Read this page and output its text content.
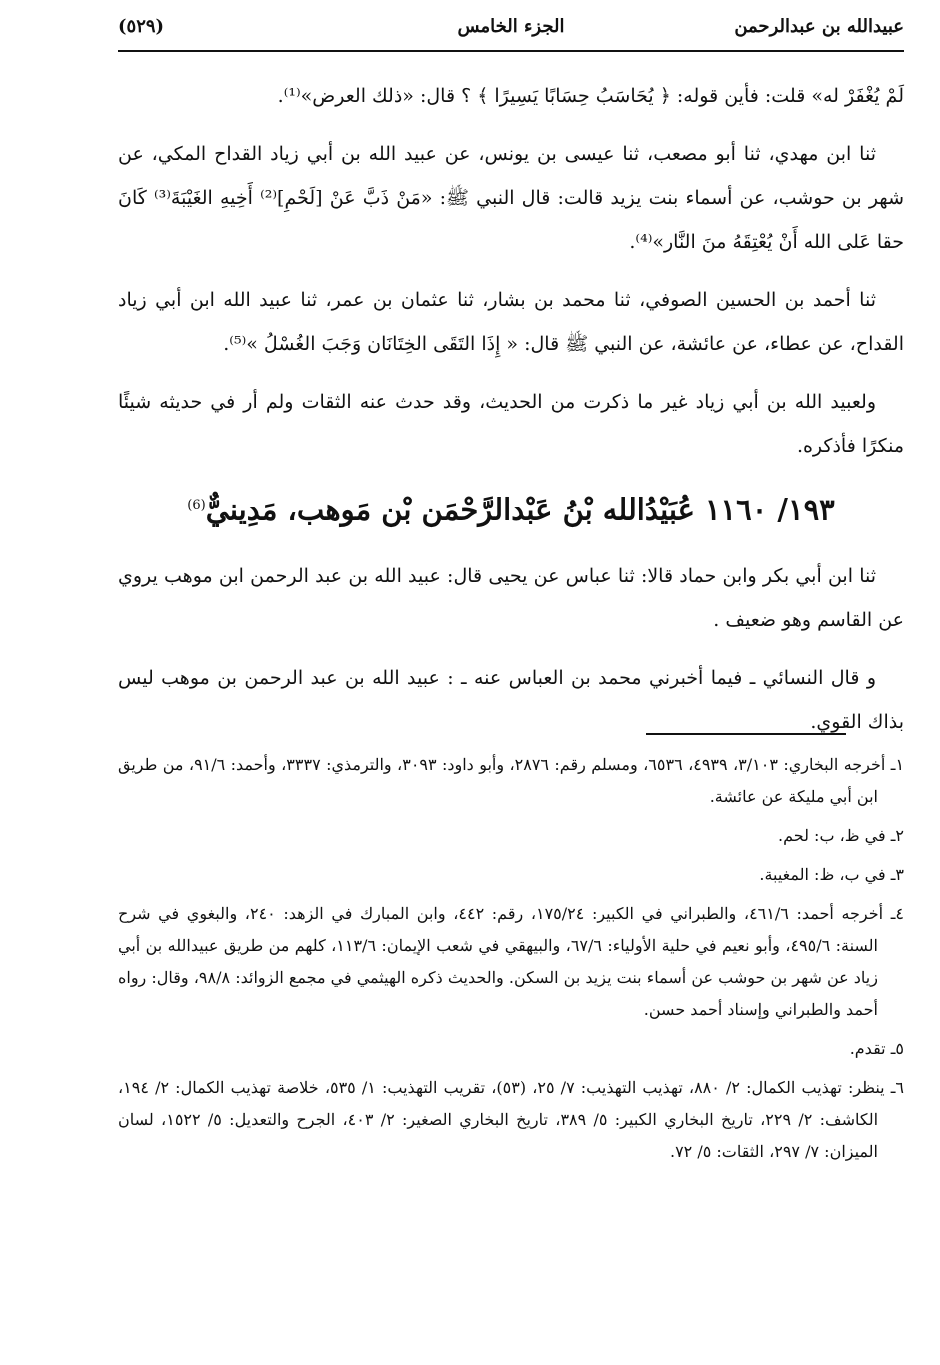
عبيدالله بن عبدالرحمن
الجزء الخامس
(٥٢٩)

لَمْ يُغْفَرْ له» قلت: فأين قوله: ﴿ يُحَاسَبُ حِسَابًا يَسِيرًا ﴾ ؟ قال: «ذلك العرض»⁽¹⁾.

ثنا ابن مهدي، ثنا أبو مصعب، ثنا عيسى بن يونس، عن عبيد الله بن أبي زياد القداح المكي، عن شهر بن حوشب، عن أسماء بنت يزيد قالت: قال النبي ﷺ: «مَنْ ذَبَّ عَنْ [لَحْمِ]⁽²⁾ أَخِيهِ الغَيْبَةَ⁽³⁾ كَانَ حقا عَلى الله أَنْ يُعْتِقَهُ منَ النَّار»⁽⁴⁾.

ثنا أحمد بن الحسين الصوفي، ثنا محمد بن بشار، ثنا عثمان بن عمر، ثنا عبيد الله ابن أبي زياد القداح، عن عطاء، عن عائشة، عن النبي ﷺ قال: « إِذَا التَقَى الخِتَانَان وَجَبَ الغُسْلُ »⁽⁵⁾.

ولعبيد الله بن أبي زياد غير ما ذكرت من الحديث، وقد حدث عنه الثقات ولم أر في حديثه شيئًا منكرًا فأذكره.

١٩٣/ ١١٦٠ عُبَيْدُالله بْنُ عَبْدالرَّحْمَن بْن مَوهب، مَدِينيٌّ$^{(6)}$

ثنا ابن أبي بكر وابن حماد قالا: ثنا عباس عن يحيى قال: عبيد الله بن عبد الرحمن ابن موهب يروي عن القاسم وهو ضعيف .

و قال النسائي ـ فيما أخبرني محمد بن العباس عنه ـ : عبيد الله بن عبد الرحمن بن موهب ليس بذاك القوي.

١ـ أخرجه البخاري: ٣/١٠٣، ٤٩٣٩، ٦٥٣٦، ومسلم رقم: ٢٨٧٦، وأبو داود: ٣٠٩٣، والترمذي: ٣٣٣٧، وأحمد: ٩١/٦، من طريق ابن أبي مليكة عن عائشة.

٢ـ في ظ، ب: لحم.

٣ـ في ب، ظ: المغيبة.

٤ـ أخرجه أحمد: ٤٦١/٦، والطبراني في الكبير: ١٧٥/٢٤، رقم: ٤٤٢، وابن المبارك في الزهد: ٢٤٠، والبغوي في شرح السنة: ٤٩٥/٦، وأبو نعيم في حلية الأولياء: ٦٧/٦، والبيهقي في شعب الإيمان: ١١٣/٦، كلهم من طريق عبيدالله بن أبي زياد عن شهر بن حوشب عن أسماء بنت يزيد بن السكن. والحديث ذكره الهيثمي في مجمع الزوائد: ٩٨/٨، وقال: رواه أحمد والطبراني وإسناد أحمد حسن.

٥ـ تقدم.

٦ـ ينظر: تهذيب الكمال: ٢/ ٨٨٠، تهذيب التهذيب: ٧/ ٢٥، (٥٣)، تقريب التهذيب: ١/ ٥٣٥، خلاصة تهذيب الكمال: ٢/ ١٩٤، الكاشف: ٢/ ٢٢٩، تاريخ البخاري الكبير: ٥/ ٣٨٩، تاريخ البخاري الصغير: ٢/ ٤٠٣، الجرح والتعديل: ٥/ ١٥٢٢، لسان الميزان: ٧/ ٢٩٧، الثقات: ٥/ ٧٢.
